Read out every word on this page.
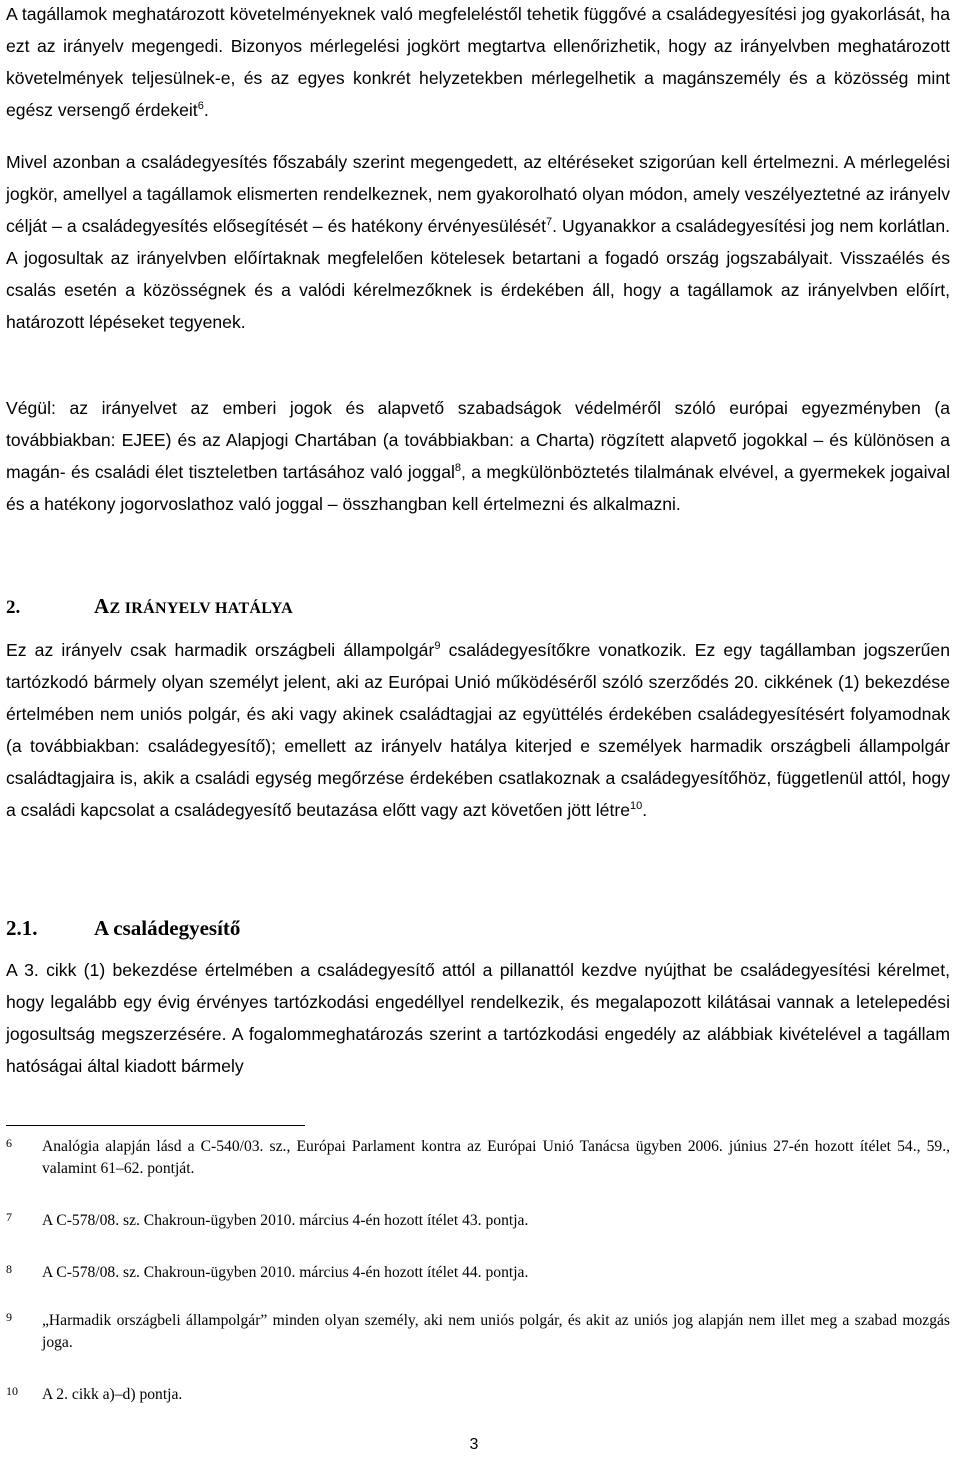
A tagállamok meghatározott követelményeknek való megfeleléstől tehetik függővé a családegyesítési jog gyakorlását, ha ezt az irányelv megengedi. Bizonyos mérlegelési jogkört megtartva ellenőrizhetik, hogy az irányelvben meghatározott követelmények teljesülnek-e, és az egyes konkrét helyzetekben mérlegelhetik a magánszemély és a közösség mint egész versengő érdekeit$^6$.

Mivel azonban a családegyesítés főszabály szerint megengedett, az eltéréseket szigorúan kell értelmezni. A mérlegelési jogkör, amellyel a tagállamok elismerten rendelkeznek, nem gyakorolható olyan módon, amely veszélyeztetné az irányelv célját – a családegyesítés elősegítését – és hatékony érvényesülését$^7$. Ugyanakkor a családegyesítési jog nem korlátlan. A jogosultak az irányelvben előírtaknak megfelelően kötelesek betartani a fogadó ország jogszabályait. Visszaélés és csalás esetén a közösségnek és a valódi kérelmezőknek is érdekében áll, hogy a tagállamok az irányelvben előírt, határozott lépéseket tegyenek.

Végül: az irányelvet az emberi jogok és alapvető szabadságok védelméről szóló európai egyezményben (a továbbiakban: EJEE) és az Alapjogi Chartában (a továbbiakban: a Charta) rögzített alapvető jogokkal – és különösen a magán- és családi élet tiszteletben tartásához való joggal$^8$, a megkülönböztetés tilalmának elvével, a gyermekek jogaival és a hatékony jogorvoslathoz való joggal – összhangban kell értelmezni és alkalmazni.

2.	AZ IRÁNYELV HATÁLYA

Ez az irányelv csak harmadik országbeli állampolgár$^9$ családegyesítőkre vonatkozik. Ez egy tagállamban jogszerűen tartózkodó bármely olyan személyt jelent, aki az Európai Unió működéséről szóló szerződés 20. cikkének (1) bekezdése értelmében nem uniós polgár, és aki vagy akinek családtagjai az együttélés érdekében családegyesítésért folyamodnak (a továbbiakban: családegyesítő); emellett az irányelv hatálya kiterjed e személyek harmadik országbeli állampolgár családtagjaira is, akik a családi egység megőrzése érdekében csatlakoznak a családegyesítőhöz, függetlenül attól, hogy a családi kapcsolat a családegyesítő beutazása előtt vagy azt követően jött létre$^{10}$.

2.1.	A családegyesítő

A 3. cikk (1) bekezdése értelmében a családegyesítő attól a pillanattól kezdve nyújthat be családegyesítési kérelmet, hogy legalább egy évig érvényes tartózkodási engedéllyel rendelkezik, és megalapozott kilátásai vannak a letelepedési jogosultság megszerzésére. A fogalommeghatározás szerint a tartózkodási engedély az alábbiak kivételével a tagállam hatóságai által kiadott bármely

6	Analógia alapján lásd a C-540/03. sz., Európai Parlament kontra az Európai Unió Tanácsa ügyben 2006. június 27-én hozott ítélet 54., 59., valamint 61–62. pontját.
7	A C-578/08. sz. Chakroun-ügyben 2010. március 4-én hozott ítélet 43. pontja.
8	A C-578/08. sz. Chakroun-ügyben 2010. március 4-én hozott ítélet 44. pontja.
9	„Harmadik országbeli állampolgár” minden olyan személy, aki nem uniós polgár, és akit az uniós jog alapján nem illet meg a szabad mozgás joga.
10	A 2. cikk a)–d) pontja.
3
